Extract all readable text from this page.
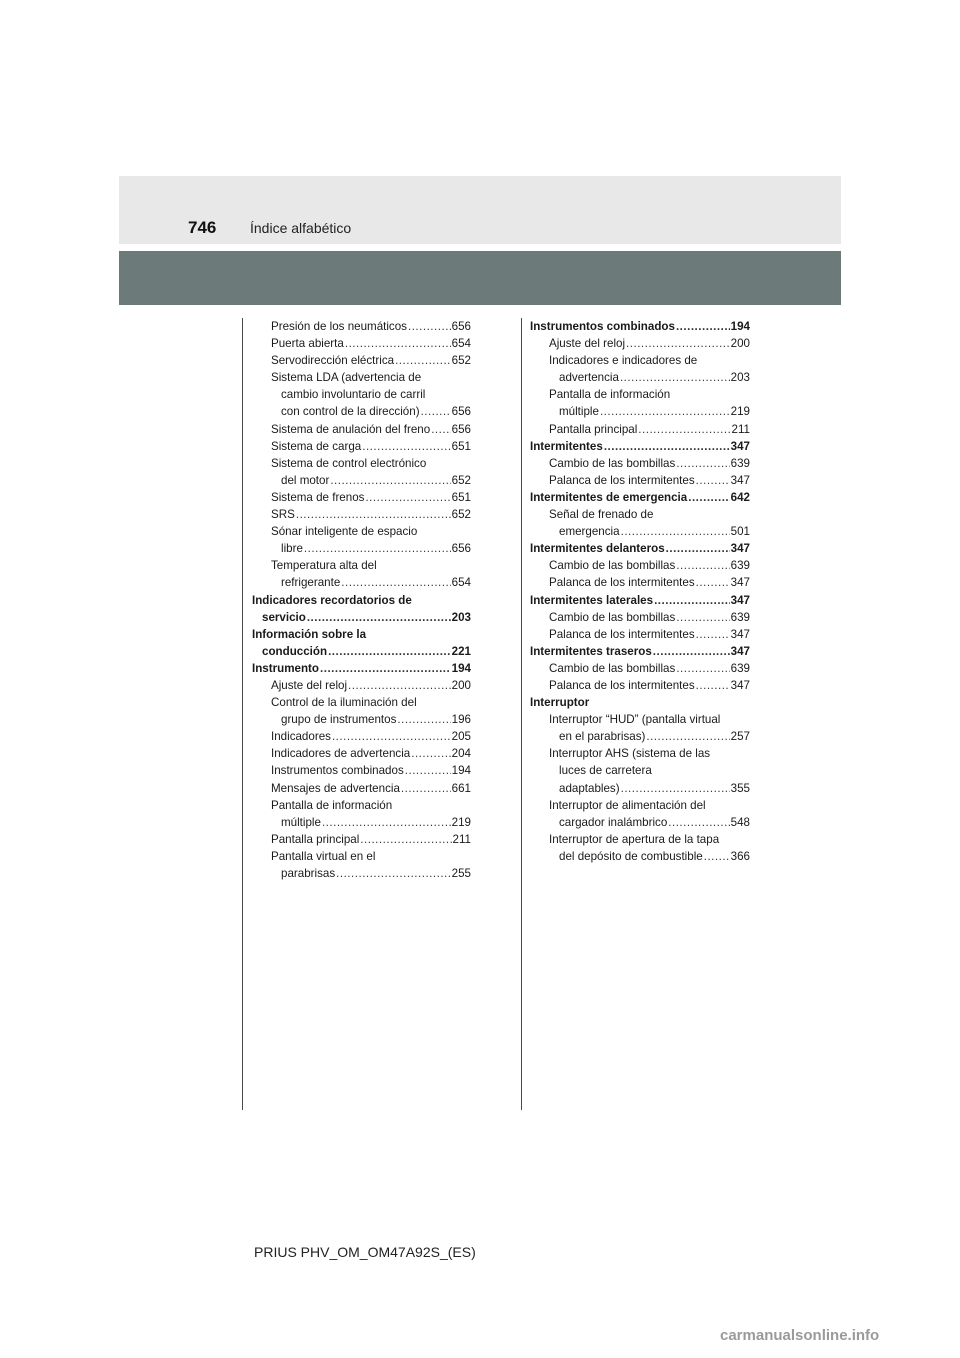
746 Índice alfabético
Presión de los neumáticos .....	656
Puerta abierta .....	654
Servodirección eléctrica .....	652
Sistema LDA (advertencia de
cambio involuntario de carril
con control de la dirección) .....	656
Sistema de anulación del freno ..... 656
Sistema de carga .....	651
Sistema de control electrónico
del motor .....	652
Sistema de frenos .....	651
SRS .....	652
Sónar inteligente de espacio
libre .....	656
Temperatura alta del
refrigerante .....	654
Indicadores recordatorios de
servicio .....	203
Información sobre la
conducción .....	221
Instrumento .....	194
Ajuste del reloj .....	200
Control de la iluminación del
grupo de instrumentos .....	196
Indicadores .....	205
Indicadores de advertencia .....	204
Instrumentos combinados .....	194
Mensajes de advertencia .....	661
Pantalla de información
múltiple .....	219
Pantalla principal .....	211
Pantalla virtual en el
parabrisas .....	255
Instrumentos combinados .....	194
Ajuste del reloj .....	200
Indicadores e indicadores de
advertencia .....	203
Pantalla de información
múltiple .....	219
Pantalla principal .....	211
Intermitentes .....	347
Cambio de las bombillas .....	639
Palanca de los intermitentes .....	347
Intermitentes de emergencia .....	642
Señal de frenado de
emergencia .....	501
Intermitentes delanteros .....	347
Cambio de las bombillas .....	639
Palanca de los intermitentes .....	347
Intermitentes laterales .....	347
Cambio de las bombillas .....	639
Palanca de los intermitentes .....	347
Intermitentes traseros .....	347
Cambio de las bombillas .....	639
Palanca de los intermitentes .....	347
Interruptor
Interruptor “HUD” (pantalla virtual
en el parabrisas) .....	257
Interruptor AHS (sistema de las
luces de carretera
adaptables) .....	355
Interruptor de alimentación del
cargador inalámbrico .....	548
Interruptor de apertura de la tapa
del depósito de combustible ..... 366
PRIUS PHV_OM_OM47A92S_(ES)
carmanualsonline.info
